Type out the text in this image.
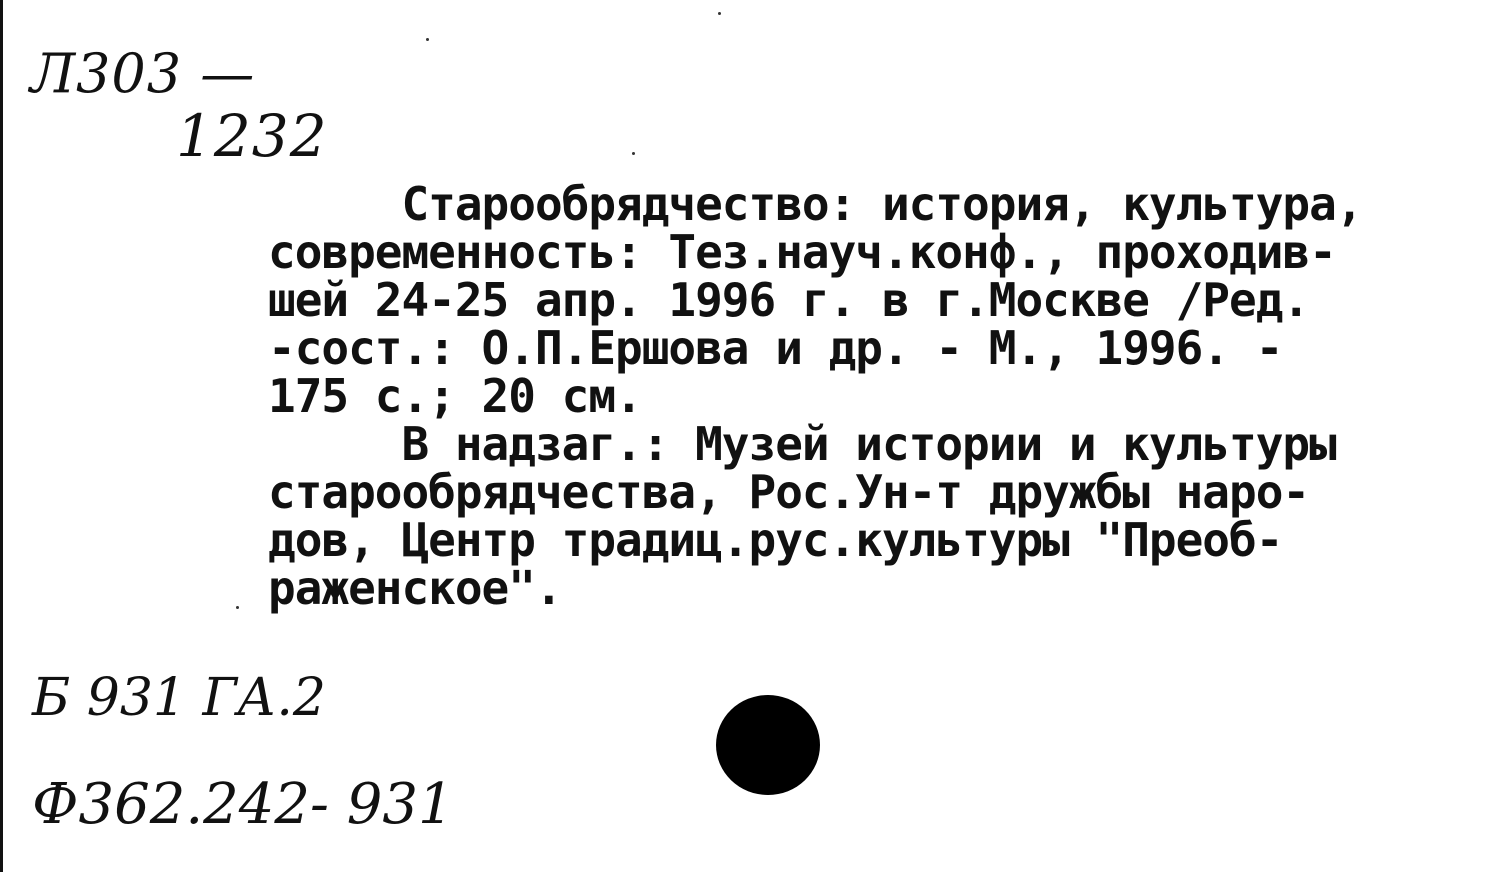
Л303 —
1232

Старообрядчество: история, культура,

современность: Тез.науч.конф., проходив-

шей 24-25 апр. 1996 г. в г.Москве /Ред.

-сост.: О.П.Ершова и др. - М., 1996. -

175 с.; 20 см.

В надзаг.: Музей истории и культуры

старообрядчества, Рос.Ун-т дружбы наро-

дов, Центр традиц.рус.культуры "Преоб-

раженское".

Б 931 ГА.2
Ф362.242- 931
